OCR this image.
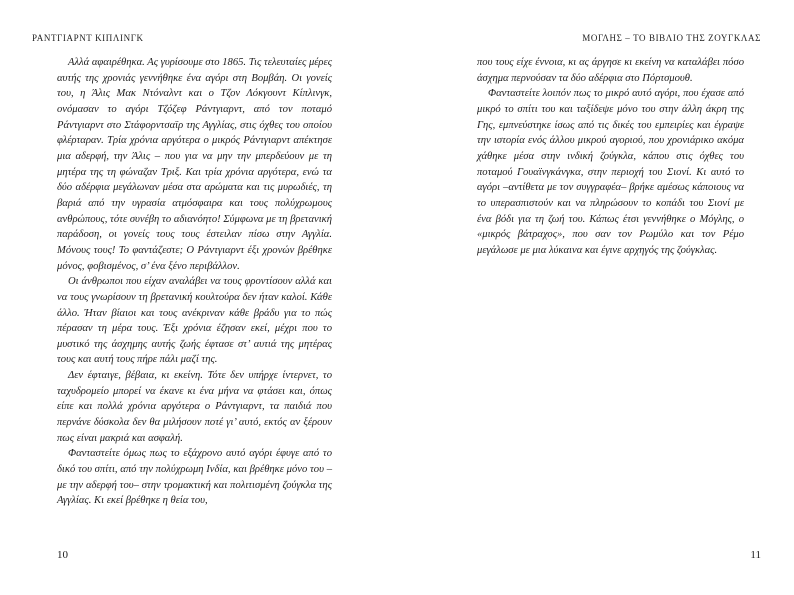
ΡΑΝΤΓΙΑΡΝΤ ΚΙΠΛΙΝΓΚ

Αλλά αφαιρέθηκα. Ας γυρίσουμε στο 1865. Τις τελευταίες μέρες αυτής της χρονιάς γεννήθηκε ένα αγόρι στη Βομβάη. Οι γονείς του, η Άλις Μακ Ντόναλντ και ο Τζον Λόκγουντ Κίπλινγκ, ονόμασαν το αγόρι Τζόζεφ Ράντγιαρντ, από τον ποταμό Ράντγιαρντ στο Στάφορντσαϊρ της Αγγλίας, στις όχθες του οποίου φλέρταραν. Τρία χρόνια αργότερα ο μικρός Ράντγιαρντ απέκτησε μια αδερφή, την Άλις – που για να μην την μπερδεύουν με τη μητέρα της τη φώναζαν Τριξ. Και τρία χρόνια αργότερα, ενώ τα δύο αδέρφια μεγάλωναν μέσα στα αρώματα και τις μυρωδιές, τη βαριά από την υγρασία ατμόσφαιρα και τους πολύχρωμους ανθρώπους, τότε συνέβη το αδιανόητο! Σύμφωνα με τη βρετανική παράδοση, οι γονείς τους τους έστειλαν πίσω στην Αγγλία. Μόνους τους! Το φαντάζεστε; Ο Ράντγιαρντ έξι χρονών βρέθηκε μόνος, φοβισμένος, σ’ ένα ξένο περιβάλλον.

Οι άνθρωποι που είχαν αναλάβει να τους φροντίσουν αλλά και να τους γνωρίσουν τη βρετανική κουλτούρα δεν ήταν καλοί. Κάθε άλλο. Ήταν βίαιοι και τους ανέκριναν κάθε βράδυ για το πώς πέρασαν τη μέρα τους. Έξι χρόνια έζησαν εκεί, μέχρι που το μυστικό της άσχημης αυτής ζωής έφτασε στ’ αυτιά της μητέρας τους και αυτή τους πήρε πάλι μαζί της.

Δεν έφταιγε, βέβαια, κι εκείνη. Τότε δεν υπήρχε ίντερνετ, το ταχυδρομείο μπορεί να έκανε κι ένα μήνα να φτάσει και, όπως είπε και πολλά χρόνια αργότερα ο Ράντγιαρντ, τα παιδιά που περνάνε δύσκολα δεν θα μιλήσουν ποτέ γι’ αυτό, εκτός αν ξέρουν πως είναι μακριά και ασφαλή.

Φανταστείτε όμως πως το εξάχρονο αυτό αγόρι έφυγε από το δικό του σπίτι, από την πολύχρωμη Ινδία, και βρέθηκε μόνο του –με την αδερφή του– στην τρομακτική και πολιτισμένη ζούγκλα της Αγγλίας. Κι εκεί βρέθηκε η θεία του,

10
ΜΟΓΛΗΣ – ΤΟ ΒΙΒΛΙΟ ΤΗΣ ΖΟΥΓΚΛΑΣ

που τους είχε έννοια, κι ας άργησε κι εκείνη να καταλάβει πόσο άσχημα περνούσαν τα δύο αδέρφια στο Πόρτσμουθ.

Φανταστείτε λοιπόν πως το μικρό αυτό αγόρι, που έχασε από μικρό το σπίτι του και ταξίδεψε μόνο του στην άλλη άκρη της Γης, εμπνεύστηκε ίσως από τις δικές του εμπειρίες και έγραψε την ιστορία ενός άλλου μικρού αγοριού, που χρονιάρικο ακόμα χάθηκε μέσα στην ινδική ζούγκλα, κάπου στις όχθες του ποταμού Γουαϊνγκάνγκα, στην περιοχή του Σιονί. Κι αυτό το αγόρι –αντίθετα με τον συγγραφέα– βρήκε αμέσως κάποιους να το υπερασπιστούν και να πληρώσουν το κοπάδι του Σιονί με ένα βόδι για τη ζωή του. Κάπως έτσι γεννήθηκε ο Μόγλης, ο «μικρός βάτραχος», που σαν τον Ρωμύλο και τον Ρέμο μεγάλωσε με μια λύκαινα και έγινε αρχηγός της ζούγκλας.

11
